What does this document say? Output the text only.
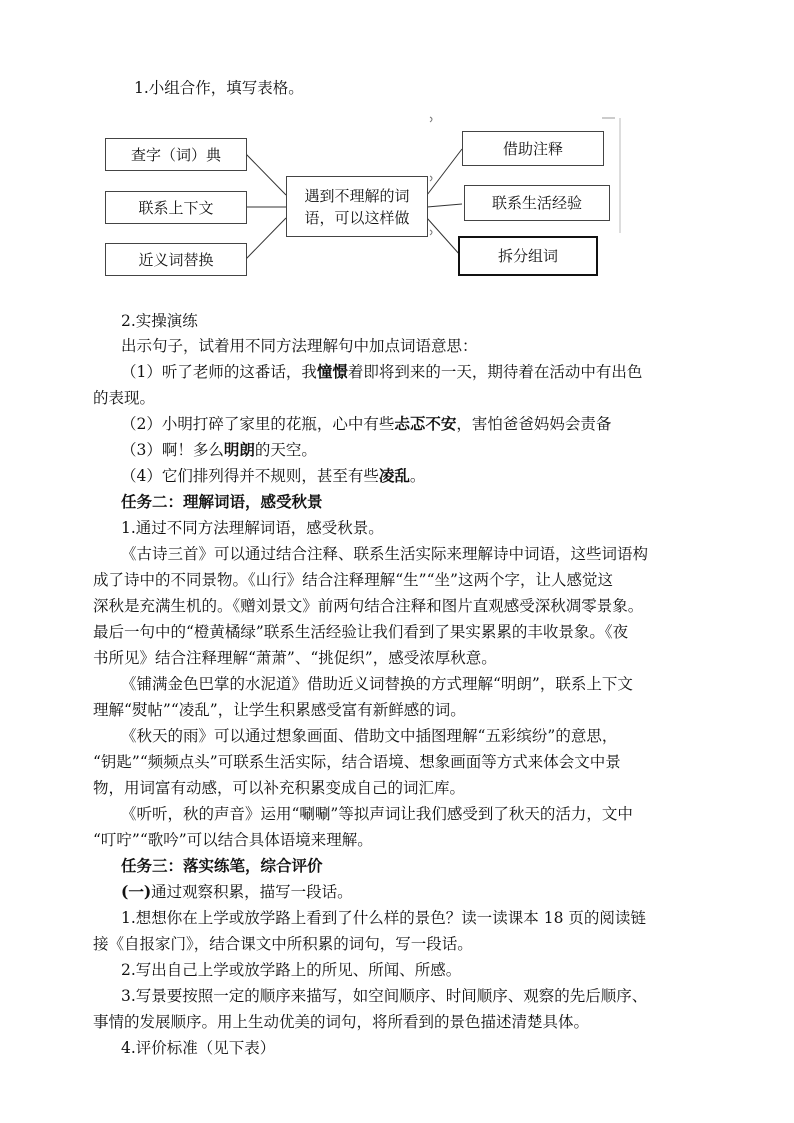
1.小组合作，填写表格。
查字（词）典
联系上下文
近义词替换
遇到不理解的词
语，可以这样做
借助注释
联系生活经验
拆分组词
2.实操演练
出示句子，试着用不同方法理解句中加点词语意思：
（1）听了老师的这番话，我憧憬着即将到来的一天，期待着在活动中有出色
的表现。
（2）小明打碎了家里的花瓶，心中有些忐忑不安，害怕爸爸妈妈会责备
（3）啊！多么明朗的天空。
（4）它们排列得并不规则，甚至有些凌乱。
任务二：理解词语，感受秋景
1.通过不同方法理解词语，感受秋景。
《古诗三首》可以通过结合注释、联系生活实际来理解诗中词语，这些词语构
成了诗中的不同景物。《山行》结合注释理解“生”“坐”这两个字，让人感觉这
深秋是充满生机的。《赠刘景文》前两句结合注释和图片直观感受深秋凋零景象。
最后一句中的“橙黄橘绿”联系生活经验让我们看到了果实累累的丰收景象。《夜
书所见》结合注释理解“萧萧”、“挑促织”，感受浓厚秋意。
《铺满金色巴掌的水泥道》借助近义词替换的方式理解“明朗”，联系上下文
理解“熨帖”“凌乱”，让学生积累感受富有新鲜感的词。
《秋天的雨》可以通过想象画面、借助文中插图理解“五彩缤纷”的意思，
“钥匙”“频频点头”可联系生活实际，结合语境、想象画面等方式来体会文中景
物，用词富有动感，可以补充积累变成自己的词汇库。
《听听，秋的声音》运用“唰唰”等拟声词让我们感受到了秋天的活力，文中
“叮咛”“歌吟”可以结合具体语境来理解。
任务三：落实练笔，综合评价
(一)通过观察积累，描写一段话。
1.想想你在上学或放学路上看到了什么样的景色？读一读课本 18 页的阅读链
接《自报家门》，结合课文中所积累的词句，写一段话。
2.写出自己上学或放学路上的所见、所闻、所感。
3.写景要按照一定的顺序来描写，如空间顺序、时间顺序、观察的先后顺序、
事情的发展顺序。用上生动优美的词句，将所看到的景色描述清楚具体。
4.评价标准（见下表）
